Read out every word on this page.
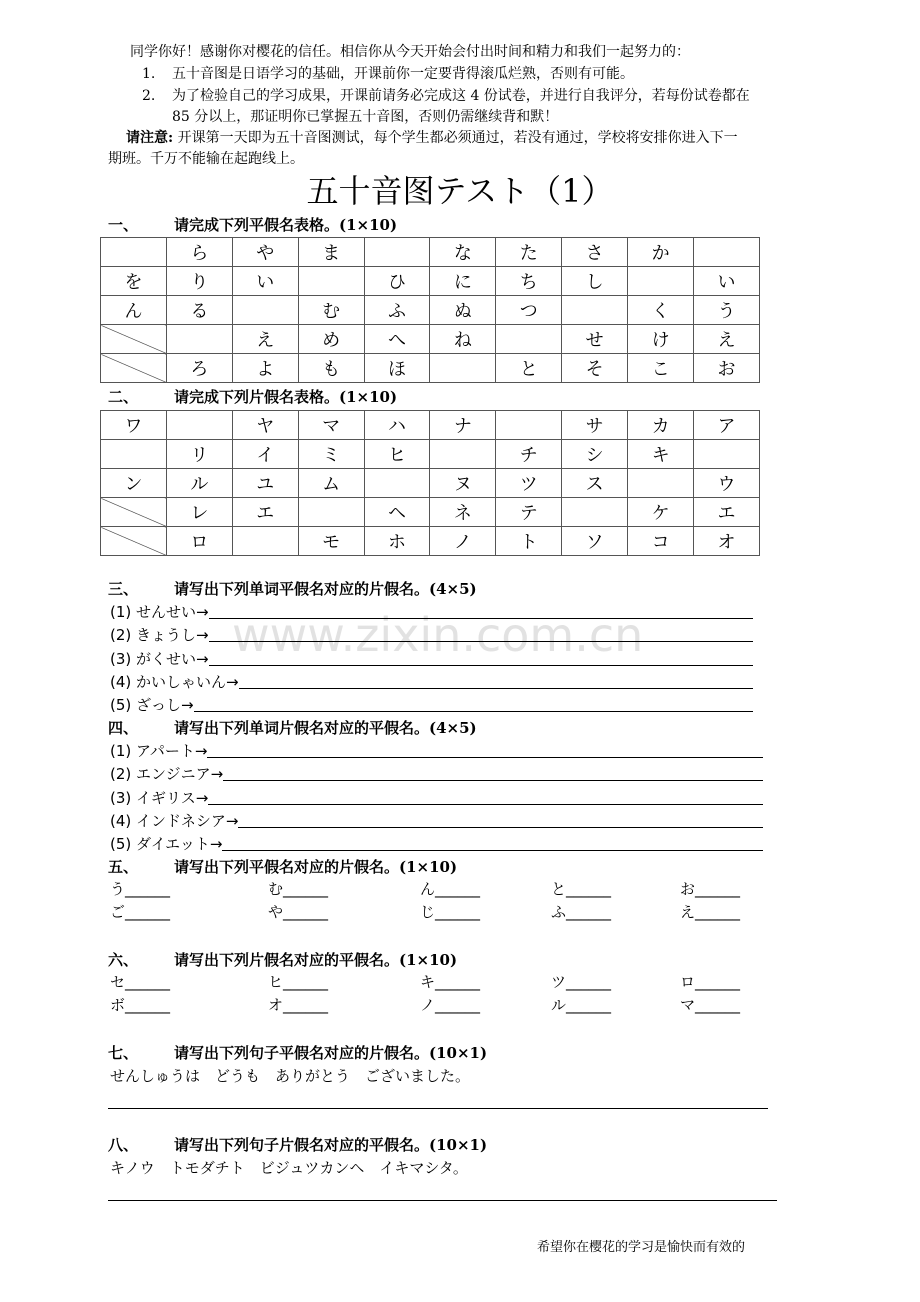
www.zixin.com.cn
同学你好！感谢你对樱花的信任。相信你从今天开始会付出时间和精力和我们一起努力的：
1. 五十音图是日语学习的基础，开课前你一定要背得滚瓜烂熟，否则有可能。
2. 为了检验自己的学习成果，开课前请务必完成这 4 份试卷，并进行自我评分，若每份试卷都在
85 分以上，那证明你已掌握五十音图，否则仍需继续背和默！
请注意: 开课第一天即为五十音图测试，每个学生都必须通过，若没有通过，学校将安排你进入下一
期班。千万不能输在起跑线上。
五十音图テスト（1）
一、 请完成下列平假名表格。(1×10)
	ら	や	ま		な	た	さ	か	
を	り	い		ひ	に	ち	し		い
ん	る		む	ふ	ぬ	つ		く	う
		え	め	へ	ね		せ	け	え
	ろ	よ	も	ほ		と	そ	こ	お
二、 请完成下列片假名表格。(1×10)
ワ		ヤ	マ	ハ	ナ		サ	カ	ア
	リ	イ	ミ	ヒ		チ	シ	キ	
ン	ル	ユ	ム		ヌ	ツ	ス		ウ
	レ	エ		ヘ	ネ	テ		ケ	エ
	ロ		モ	ホ	ノ	ト	ソ	コ	オ
三、 请写出下列单词平假名对应的片假名。(4×5)
(1) せんせい→
(2) きょうし→
(3) がくせい→
(4) かいしゃいん→
(5) ざっし→
四、 请写出下列单词片假名对应的平假名。(4×5)
(1) アパート→
(2) エンジニア→
(3) イギリス→
(4) インドネシア→
(5) ダイエット→
五、 请写出下列平假名对应的片假名。(1×10)
う______	む______	ん______	と______	お______
ご______	や______	じ______	ふ______	え______
六、 请写出下列片假名对应的平假名。(1×10)
セ______	ヒ______	キ______	ツ______	ロ______
ボ______	オ______	ノ______	ル______	マ______
七、 请写出下列句子平假名对应的片假名。(10×1)
せんしゅうは　どうも　ありがとう　ございました。
八、 请写出下列句子片假名对应的平假名。(10×1)
キノウ　トモダチト　ビジュツカンヘ　イキマシタ。
希望你在樱花的学习是愉快而有效的
